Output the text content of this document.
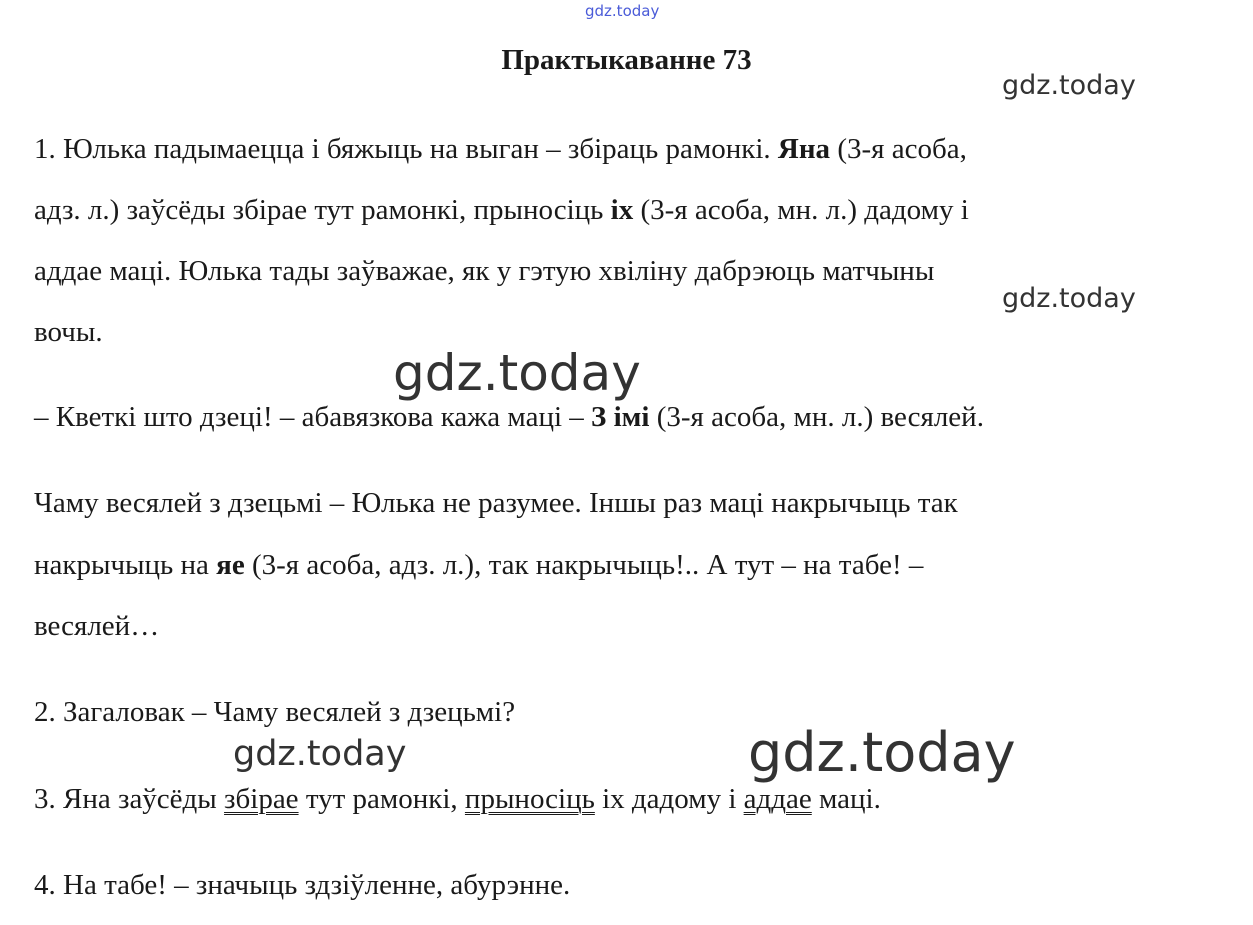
gdz.today
Практыкаванне 73
1. Юлька падымаецца і бяжыць на выган – збіраць рамонкі. Яна (3-я асоба,
адз. л.) заўсёды збірае тут рамонкі, прыносіць іх (3-я асоба, мн. л.) дадому і
аддае маці. Юлька тады заўважае, як у гэтую хвіліну дабрэюць матчыны
вочы.
– Кветкі што дзеці! – абавязкова кажа маці – З імі (3-я асоба, мн. л.) весялей.
Чаму весялей з дзецьмі – Юлька не разумее. Іншы раз маці накрычыць так
накрычыць на яе (3-я асоба, адз. л.), так накрычыць!.. А тут – на табе! –
весялей…
2. Загаловак – Чаму весялей з дзецьмі?
3. Яна заўсёды збірае тут рамонкі, прыносіць іх дадому і аддае маці.
4. На табе! – значыць здзіўленне, абурэнне.
gdz.today
gdz.today
gdz.today
gdz.today	gdz.today
